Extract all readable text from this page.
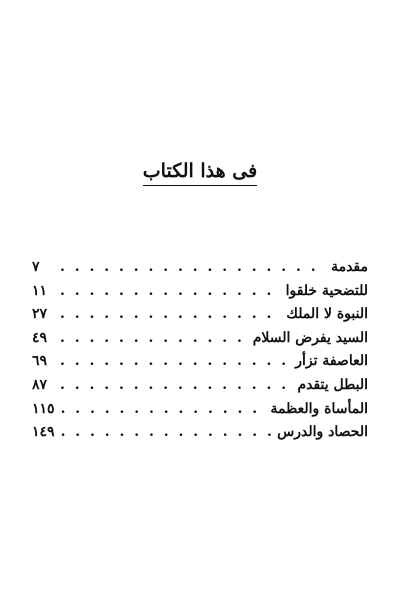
فى هذا الكتاب
مقدمة
. . .
٧
للتضحية خلقوا
. . .
١١
النبوة لا الملك
. . .
٢٧
السيد يفرض السلام
. . .
٤٩
العاصفة تزأر
. . .
٦٩
البطل يتقدم
. . .
٨٧
المأساة والعظمة
. . .
١١٥
الحصاد والدرس
. . .
١٤٩
